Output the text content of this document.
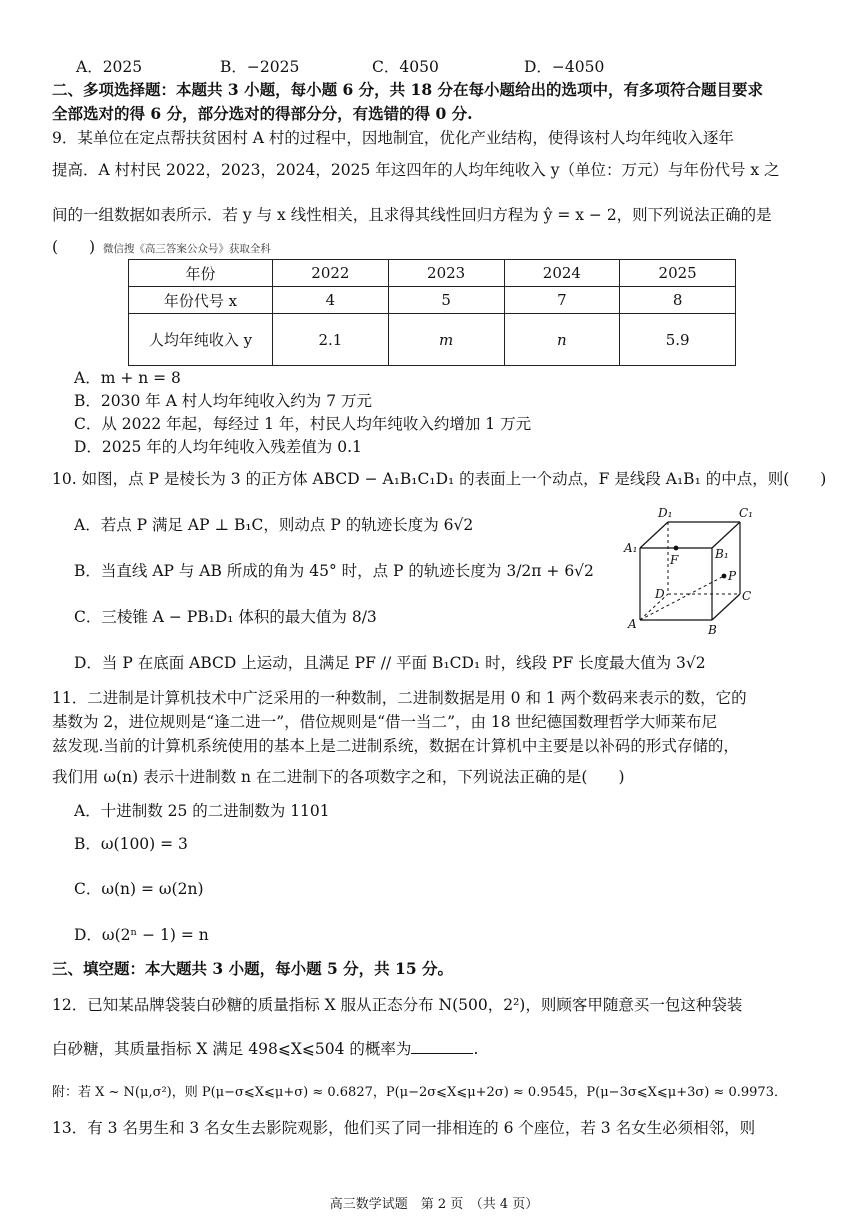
A．2025	B．−2025	C．4050	D．−4050
二、多项选择题：本题共 3 小题，每小题 6 分，共 18 分在每小题给出的选项中，有多项符合题目要求
全部选对的得 6 分，部分选对的得部分分，有选错的得 0 分.
9．某单位在定点帮扶贫困村 A 村的过程中，因地制宜，优化产业结构，使得该村人均年纯收入逐年
提高．A 村村民 2022，2023，2024，2025 年这四年的人均年纯收入 y（单位：万元）与年份代号 x 之
间的一组数据如表所示．若 y 与 x 线性相关，且求得其线性回归方程为 ŷ = x − 2，则下列说法正确的是
(　　) 微信搜《高三答案公众号》获取全科
年份	2022	2023	2024	2025
年份代号 x	4	5	7	8
人均年纯收入 y	2.1	m	n	5.9
A．m + n = 8
B．2030 年 A 村人均年纯收入约为 7 万元
C．从 2022 年起，每经过 1 年，村民人均年纯收入约增加 1 万元
D．2025 年的人均年纯收入残差值为 0.1
10. 如图，点 P 是棱长为 3 的正方体 ABCD − A₁B₁C₁D₁ 的表面上一个动点，F 是线段 A₁B₁ 的中点，则(　　)
A．若点 P 满足 AP ⊥ B₁C，则动点 P 的轨迹长度为 6√2
B．当直线 AP 与 AB 所成的角为 45° 时，点 P 的轨迹长度为 3/2π + 6√2
C．三棱锥 A − PB₁D₁ 体积的最大值为 8/3
D．当 P 在底面 ABCD 上运动，且满足 PF // 平面 B₁CD₁ 时，线段 PF 长度最大值为 3√2
D₁	C₁
A₁	B₁
F
P
D	C
A	B
11．二进制是计算机技术中广泛采用的一种数制，二进制数据是用 0 和 1 两个数码来表示的数，它的
基数为 2，进位规则是“逢二进一”，借位规则是“借一当二”，由 18 世纪德国数理哲学大师莱布尼
兹发现.当前的计算机系统使用的基本上是二进制系统，数据在计算机中主要是以补码的形式存储的，
我们用 ω(n) 表示十进制数 n 在二进制下的各项数字之和，下列说法正确的是(　　)
A．十进制数 25 的二进制数为 1101
B．ω(100) = 3
C．ω(n) = ω(2n)
D．ω(2ⁿ − 1) = n
三、填空题：本大题共 3 小题，每小题 5 分，共 15 分。
12．已知某品牌袋装白砂糖的质量指标 X 服从正态分布 N(500，2²)，则顾客甲随意买一包这种袋装
白砂糖，其质量指标 X 满足 498⩽X⩽504 的概率为	.
附：若 X ~ N(μ,σ²)，则 P(μ−σ⩽X⩽μ+σ) ≈ 0.6827，P(μ−2σ⩽X⩽μ+2σ) ≈ 0.9545，P(μ−3σ⩽X⩽μ+3σ) ≈ 0.9973．
13．有 3 名男生和 3 名女生去影院观影，他们买了同一排相连的 6 个座位，若 3 名女生必须相邻，则
高三数学试题　第 2 页　（共 4 页）
